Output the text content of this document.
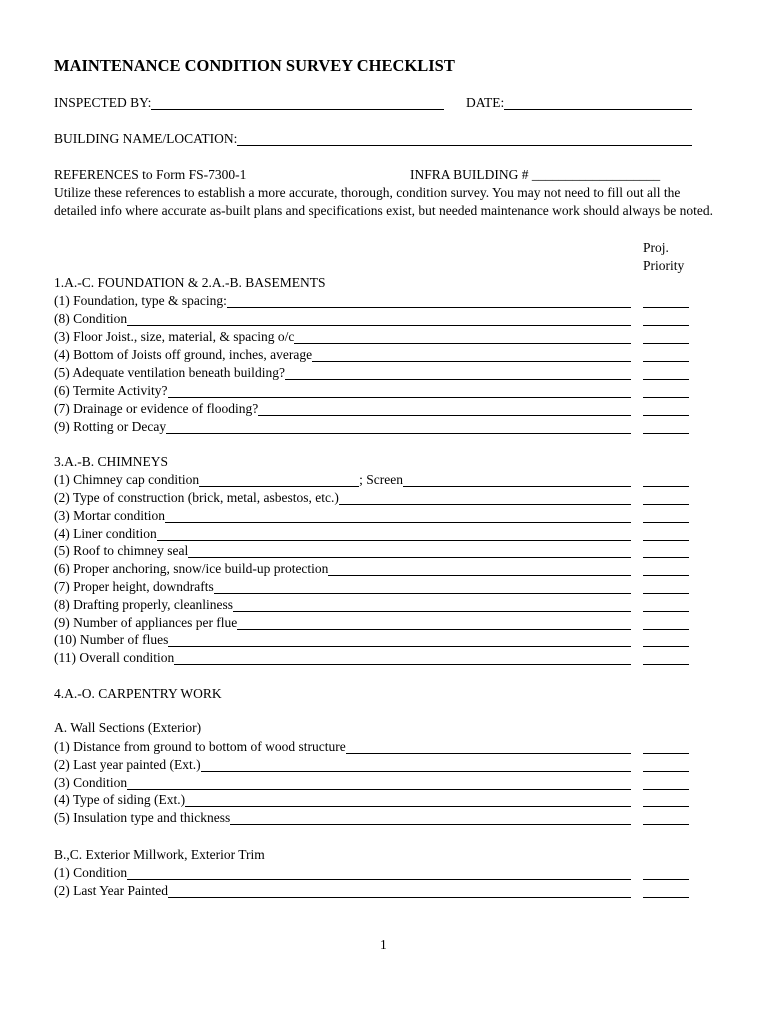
MAINTENANCE CONDITION SURVEY CHECKLIST
INSPECTED BY:	DATE:
BUILDING NAME/LOCATION:
REFERENCES to Form FS-7300-1	INFRA BUILDING # ___________________
Utilize these references to establish a more accurate, thorough, condition survey. You may not need to fill out all the detailed info where accurate as-built plans and specifications exist, but needed maintenance work should always be noted.
Proj.
Priority
1.A.-C. FOUNDATION & 2.A.-B. BASEMENTS
(1) Foundation, type & spacing:
(8) Condition
(3) Floor Joist., size, material, & spacing o/c
(4) Bottom of Joists off ground, inches, average
(5) Adequate ventilation beneath building?
(6) Termite Activity?
(7) Drainage or evidence of flooding?
(9) Rotting or Decay
3.A.-B. CHIMNEYS
(1) Chimney cap condition	; Screen
(2) Type of construction (brick, metal, asbestos, etc.)
(3) Mortar condition
(4) Liner condition
(5) Roof to chimney seal
(6) Proper anchoring, snow/ice build-up protection
(7) Proper height, downdrafts
(8) Drafting properly, cleanliness
(9) Number of appliances per flue
(10) Number of flues
(11) Overall condition
4.A.-O. CARPENTRY WORK
A. Wall Sections (Exterior)
(1) Distance from ground to bottom of wood structure
(2) Last year painted (Ext.)
(3) Condition
(4) Type of siding (Ext.)
(5) Insulation type and thickness
B.,C. Exterior Millwork, Exterior Trim
(1) Condition
(2) Last Year Painted
1
